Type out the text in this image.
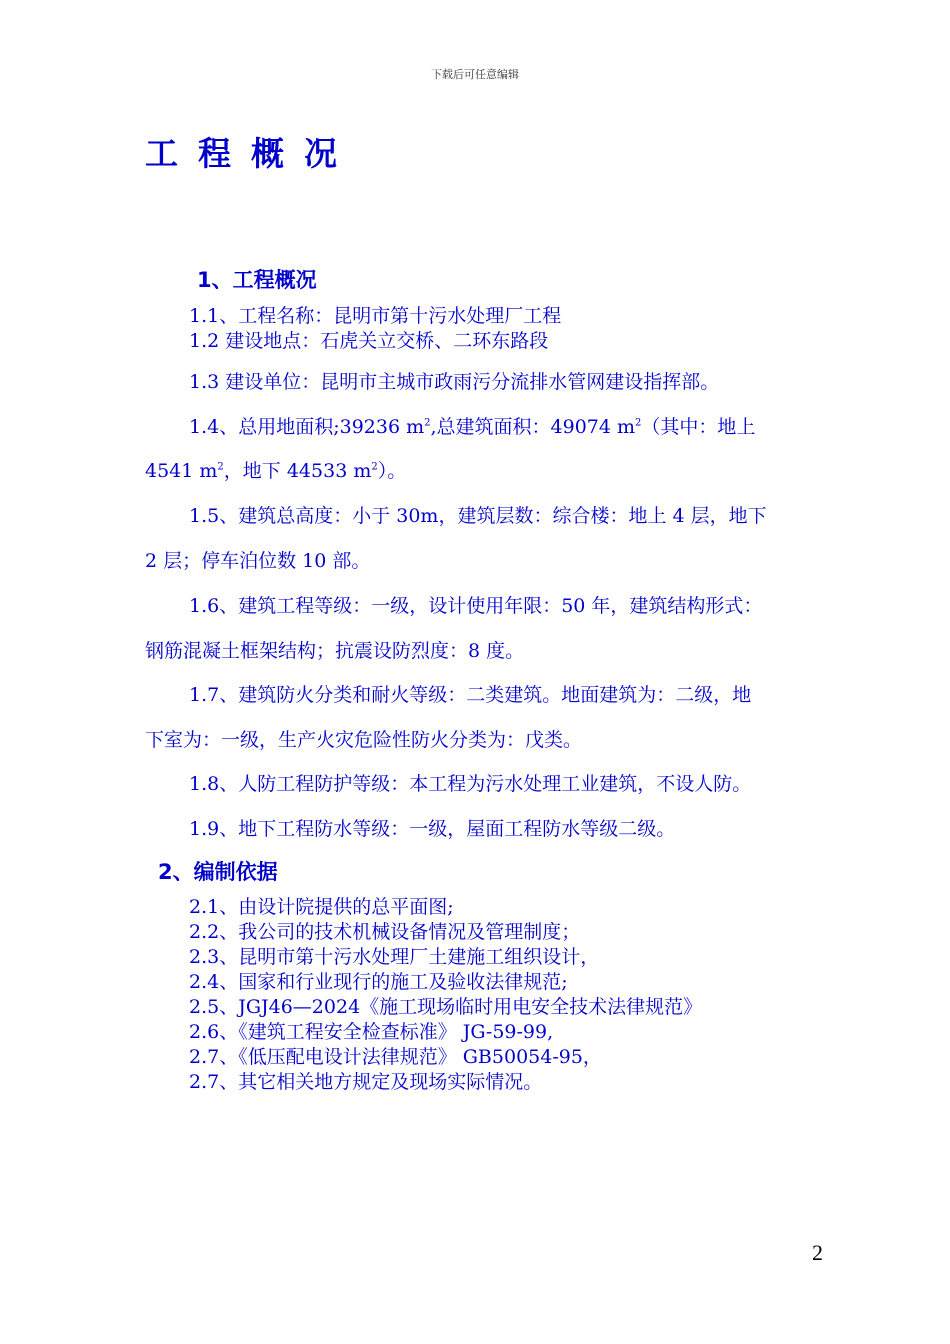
下载后可任意编辑
工程概况
1、工程概况
1.1、工程名称：昆明市第十污水处理厂工程
1.2 建设地点：石虎关立交桥、二环东路段
1.3 建设单位：昆明市主城市政雨污分流排水管网建设指挥部。
1.4、总用地面积;39236 $m^2$,总建筑面积：49074 $m^2$（其中：地上
4541 $m^2$，地下 44533 $m^2$）。
1.5、建筑总高度：小于 30m，建筑层数：综合楼：地上 4 层，地下
2 层；停车泊位数 10 部。
1.6、建筑工程等级：一级，设计使用年限：50 年，建筑结构形式：
钢筋混凝土框架结构；抗震设防烈度：8 度。
1.7、建筑防火分类和耐火等级：二类建筑。地面建筑为：二级，地
下室为：一级，生产火灾危险性防火分类为：戊类。
1.8、人防工程防护等级：本工程为污水处理工业建筑，不设人防。
1.9、地下工程防水等级：一级，屋面工程防水等级二级。
2、编制依据
2.1、由设计院提供的总平面图;
2.2、我公司的技术机械设备情况及管理制度；
2.3、昆明市第十污水处理厂土建施工组织设计，
2.4、国家和行业现行的施工及验收法律规范;
2.5、JGJ46—2024《施工现场临时用电安全技术法律规范》
2.6、《建筑工程安全检查标准》 JG-59-99,
2.7、《低压配电设计法律规范》 GB50054-95，
2.7、其它相关地方规定及现场实际情况。
2
